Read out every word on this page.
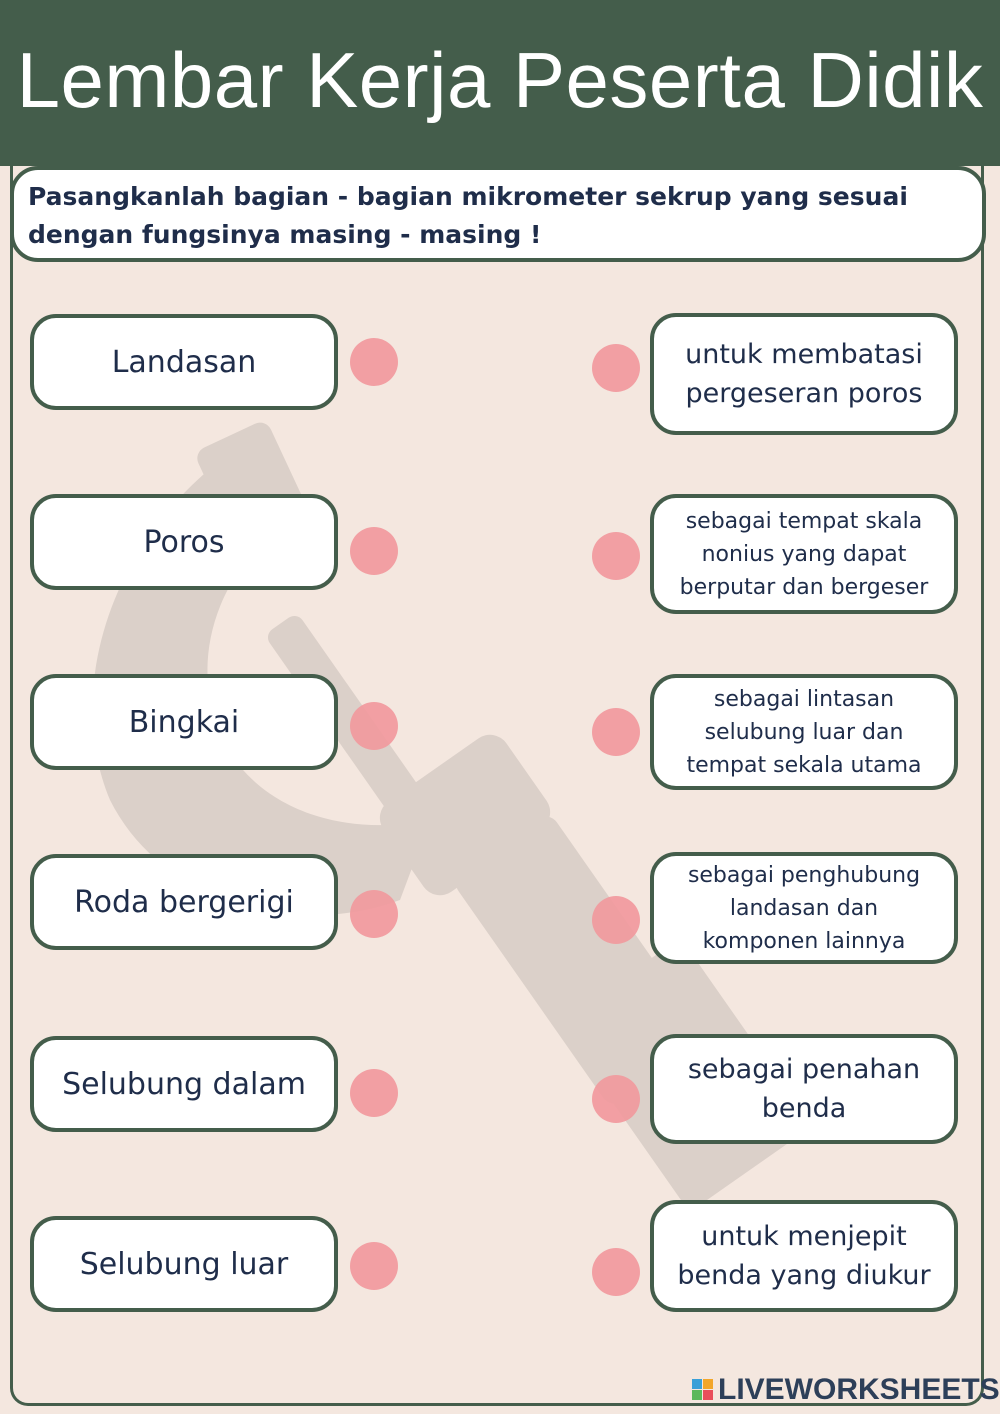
Lembar Kerja Peserta Didik
Pasangkanlah bagian - bagian mikrometer sekrup yang sesuai dengan fungsinya masing - masing !
Landasan
Poros
Bingkai
Roda bergerigi
Selubung dalam
Selubung luar
untuk membatasi
pergeseran poros
sebagai tempat skala
nonius yang dapat
berputar dan bergeser
sebagai lintasan
selubung luar dan
tempat sekala utama
sebagai penghubung
landasan dan
komponen lainnya
sebagai penahan
benda
untuk menjepit
benda yang diukur
LIVEWORKSHEETS
